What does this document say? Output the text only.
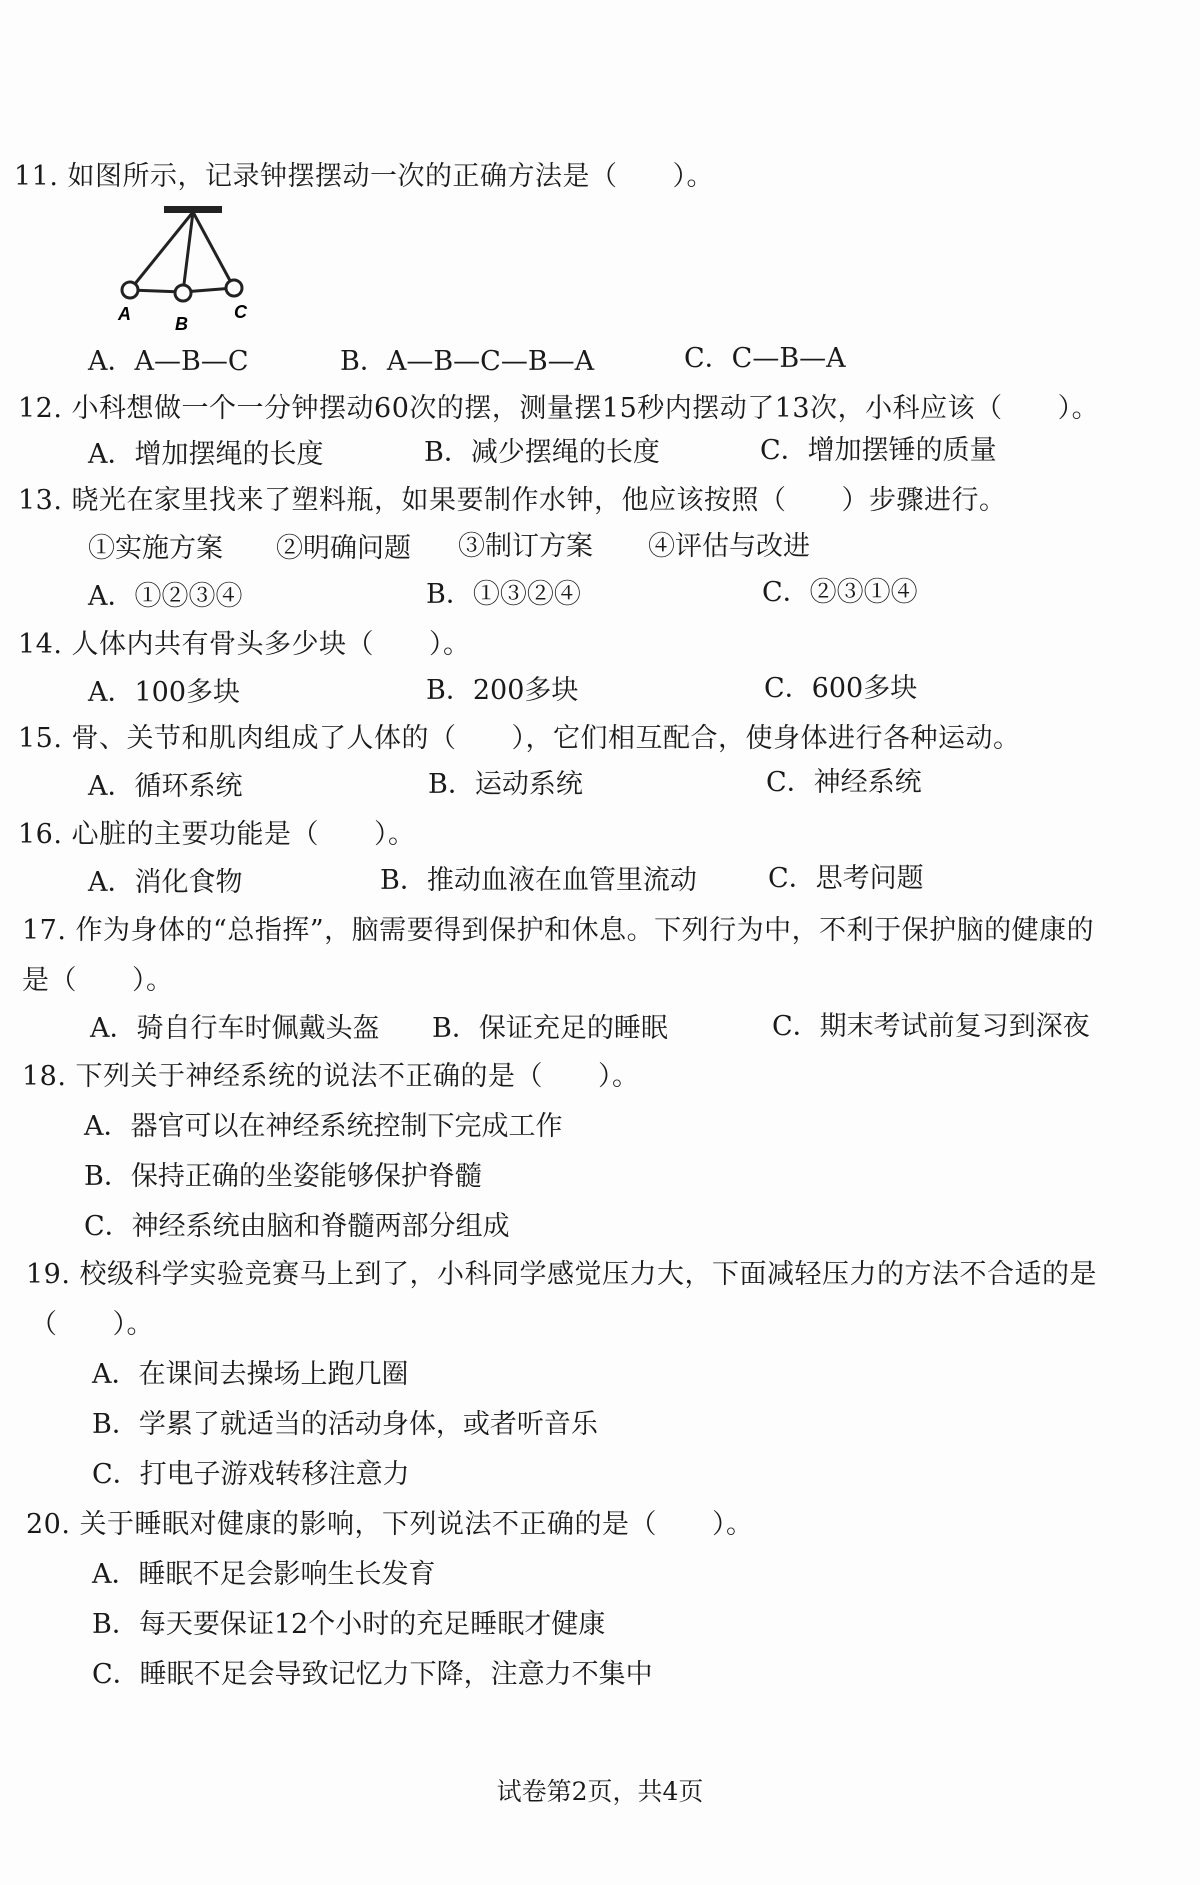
11. 如图所示，记录钟摆摆动一次的正确方法是（　　）。
A B
C
A．A—B—C	B．A—B—C—B—A	C．C—B—A
12. 小科想做一个一分钟摆动60次的摆，测量摆15秒内摆动了13次，小科应该（　　）。
A．增加摆绳的长度	B．减少摆绳的长度	C．增加摆锤的质量
13. 晓光在家里找来了塑料瓶，如果要制作水钟，他应该按照（　　）步骤进行。
①实施方案 ②明确问题 ③制订方案 ④评估与改进
A．①②③④	B．①③②④	C．②③①④
14. 人体内共有骨头多少块（　　）。
A．100多块	B．200多块	C．600多块
15. 骨、关节和肌肉组成了人体的（　　），它们相互配合，使身体进行各种运动。
A．循环系统	B．运动系统	C．神经系统
16. 心脏的主要功能是（　　）。
A．消化食物	B．推动血液在血管里流动	C．思考问题
17. 作为身体的“总指挥”，脑需要得到保护和休息。下列行为中，不利于保护脑的健康的
是（　　）。
A．骑自行车时佩戴头盔 B．保证充足的睡眠	C．期末考试前复习到深夜
18. 下列关于神经系统的说法不正确的是（　　）。
A．器官可以在神经系统控制下完成工作
B．保持正确的坐姿能够保护脊髓
C．神经系统由脑和脊髓两部分组成
19. 校级科学实验竞赛马上到了，小科同学感觉压力大，下面减轻压力的方法不合适的是
（　　）。
A．在课间去操场上跑几圈
B．学累了就适当的活动身体，或者听音乐
C．打电子游戏转移注意力
20. 关于睡眠对健康的影响，下列说法不正确的是（　　）。
A．睡眠不足会影响生长发育
B．每天要保证12个小时的充足睡眠才健康
C．睡眠不足会导致记忆力下降，注意力不集中
试卷第2页，共4页
